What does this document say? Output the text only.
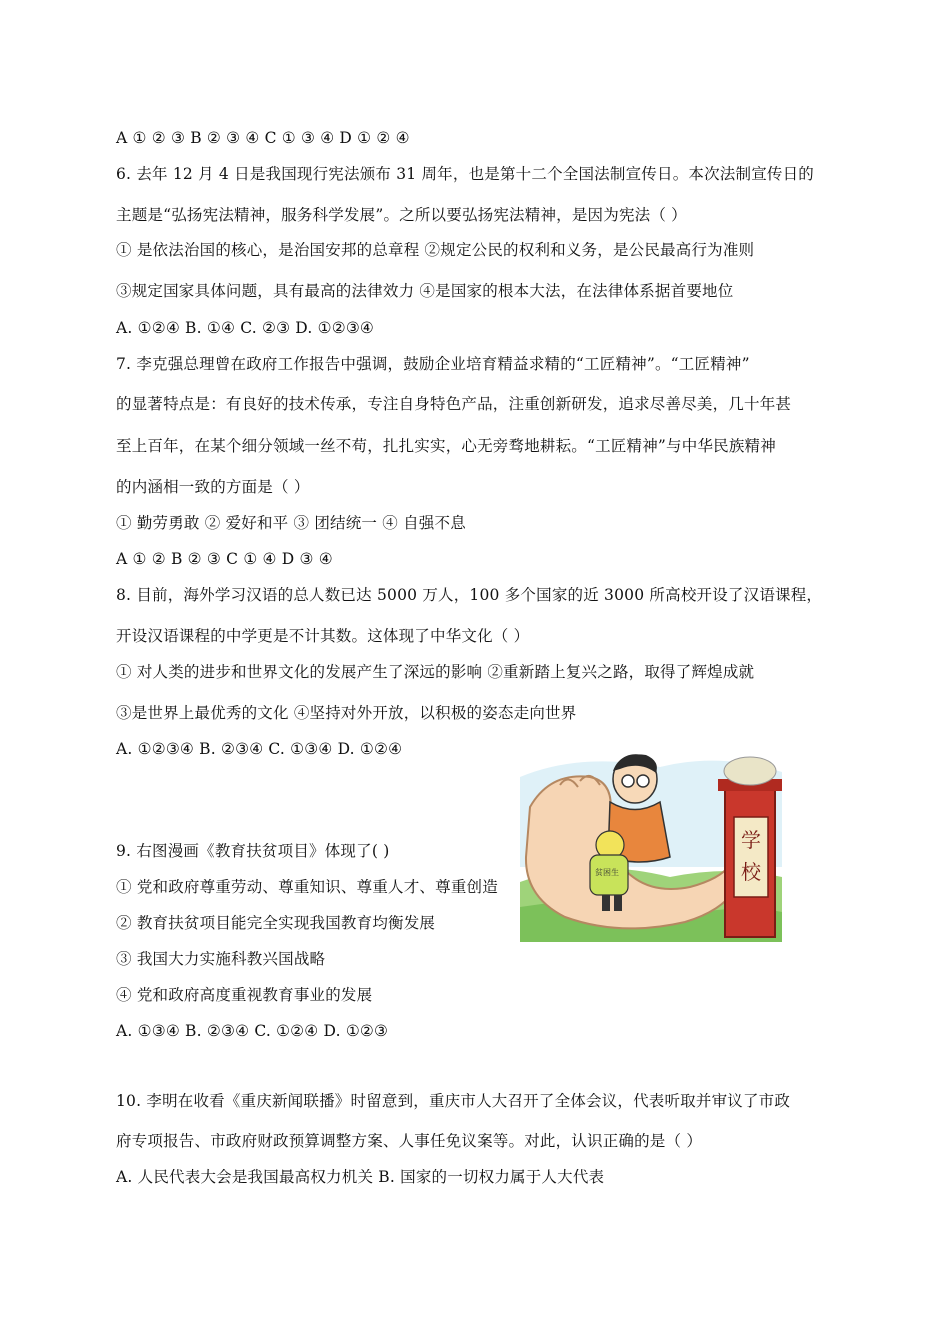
A ① ② ③ B ② ③ ④ C ① ③ ④ D ① ② ④
6. 去年 12 月 4 日是我国现行宪法颁布 31 周年，也是第十二个全国法制宣传日。本次法制宣传日的
主题是“弘扬宪法精神，服务科学发展”。之所以要弘扬宪法精神，是因为宪法（ ）
① 是依法治国的核心，是治国安邦的总章程 ②规定公民的权利和义务，是公民最高行为准则
③规定国家具体问题，具有最高的法律效力 ④是国家的根本大法，在法律体系据首要地位
A. ①②④ B. ①④ C. ②③ D. ①②③④
7. 李克强总理曾在政府工作报告中强调，鼓励企业培育精益求精的“工匠精神”。“工匠精神”
的显著特点是：有良好的技术传承，专注自身特色产品，注重创新研发，追求尽善尽美，几十年甚
至上百年，在某个细分领域一丝不苟，扎扎实实，心无旁骛地耕耘。“工匠精神”与中华民族精神
的内涵相一致的方面是（ ）
① 勤劳勇敢 ② 爱好和平 ③ 团结统一 ④ 自强不息
A ① ② B ② ③ C ① ④ D ③ ④
8. 目前，海外学习汉语的总人数已达 5000 万人，100 多个国家的近 3000 所高校开设了汉语课程，
开设汉语课程的中学更是不计其数。这体现了中华文化（ ）
① 对人类的进步和世界文化的发展产生了深远的影响 ②重新踏上复兴之路，取得了辉煌成就
③是世界上最优秀的文化 ④坚持对外开放，以积极的姿态走向世界
A. ①②③④ B. ②③④ C. ①③④ D. ①②④
9. 右图漫画《教育扶贫项目》体现了( )
① 党和政府尊重劳动、尊重知识、尊重人才、尊重创造
② 教育扶贫项目能完全实现我国教育均衡发展
③ 我国大力实施科教兴国战略
④ 党和政府高度重视教育事业的发展
A. ①③④ B. ②③④ C. ①②④ D. ①②③
10. 李明在收看《重庆新闻联播》时留意到，重庆市人大召开了全体会议，代表听取并审议了市政
府专项报告、市政府财政预算调整方案、人事任免议案等。对此，认识正确的是（ ）
A. 人民代表大会是我国最高权力机关 B. 国家的一切权力属于人大代表
贫困生
学
校
